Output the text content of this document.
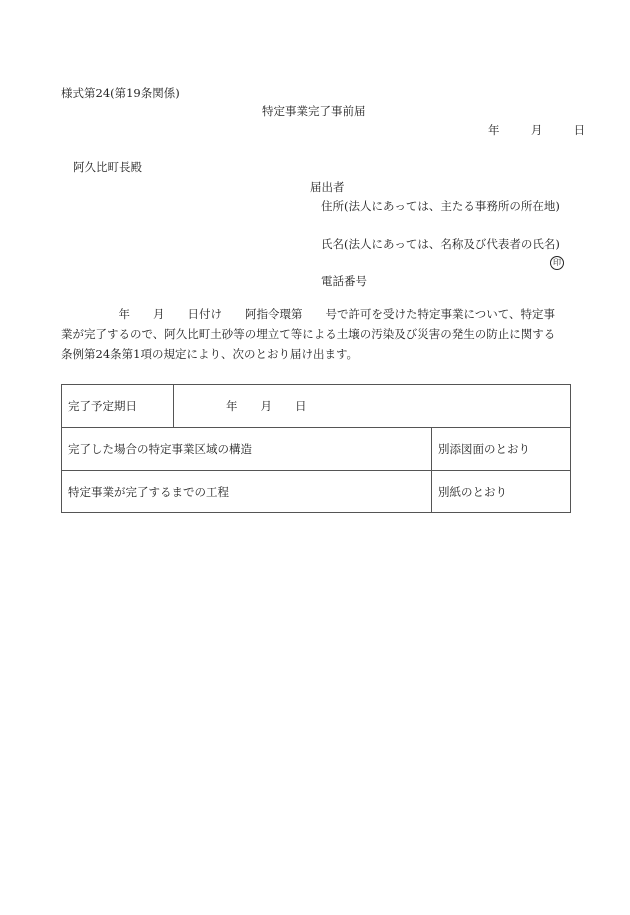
様式第24(第19条関係)
特定事業完了事前届
年	月	日
阿久比町長殿
届出者
住所(法人にあっては、主たる事務所の所在地)
氏名(法人にあっては、名称及び代表者の氏名)
印
電話番号
　　　　　年　　月　　日付け　　阿指令環第　　号で許可を受けた特定事業について、特定事
業が完了するので、阿久比町土砂等の埋立て等による土壌の汚染及び災害の発生の防止に関する
条例第24条第1項の規定により、次のとおり届け出ます。
完了予定期日	年　　月　　日
完了した場合の特定事業区域の構造	別添図面のとおり
特定事業が完了するまでの工程	別紙のとおり
